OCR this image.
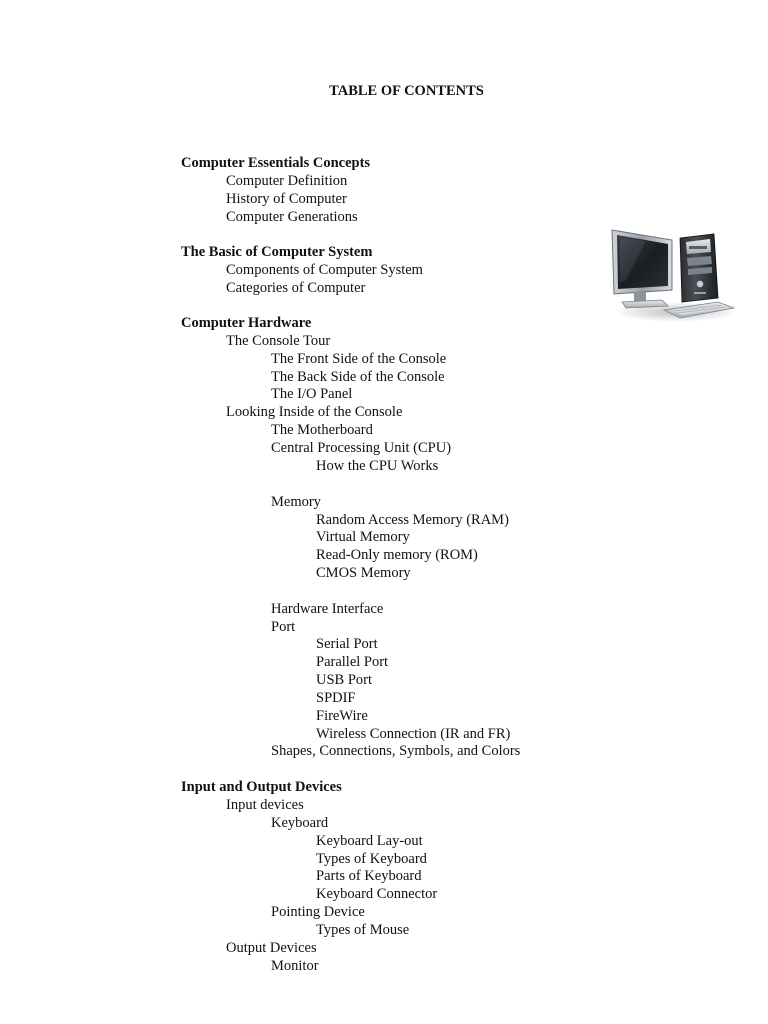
TABLE OF CONTENTS
Computer Essentials Concepts
Computer Definition
History of Computer
Computer Generations
The Basic of Computer System
Components of Computer System
Categories of Computer
Computer Hardware
The Console Tour
The Front Side of the Console
The Back Side of the Console
The I/O Panel
Looking Inside of the Console
The Motherboard
Central Processing Unit (CPU)
How the CPU Works
Memory
Random Access Memory (RAM)
Virtual Memory
Read-Only memory (ROM)
CMOS Memory
Hardware Interface
Port
Serial Port
Parallel Port
USB Port
SPDIF
FireWire
Wireless Connection (IR and FR)
Shapes, Connections, Symbols, and Colors
Input and Output Devices
Input devices
Keyboard
Keyboard Lay-out
Types of Keyboard
Parts of Keyboard
Keyboard Connector
Pointing Device
Types of Mouse
Output Devices
Monitor
